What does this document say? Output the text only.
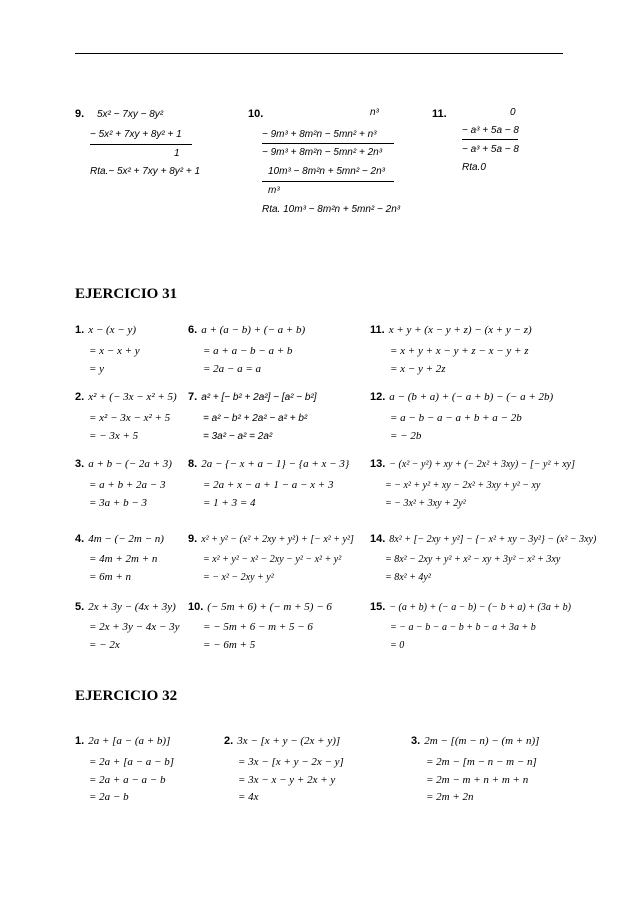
9.	5x² − 7xy − 8y²
− 5x² + 7xy + 8y² + 1
1
Rta.− 5x² + 7xy + 8y² + 1
10.	n³
− 9m³ + 8m²n − 5mn² + n³
− 9m³ + 8m²n − 5mn² + 2n³
10m³ − 8m²n + 5mn² − 2n³
m³
Rta. 10m³ − 8m²n + 5mn² − 2n³
11.	0
− a³ + 5a − 8
− a³ + 5a − 8
Rta.0
EJERCICIO 31
1. x − (x − y)
= x − x + y
= y
6. a + (a − b) + (− a + b)
= a + a − b − a + b
= 2a − a = a
11. x + y + (x − y + z) − (x + y − z)
= x + y + x − y + z − x − y + z
= x − y + 2z
2. x² + (− 3x − x² + 5)
= x² − 3x − x² + 5
= − 3x + 5
7. a² + [− b² + 2a²] − [a² − b²]
= a² − b² + 2a² − a² + b²
= 3a² − a² = 2a²
12. a − (b + a) + (− a + b) − (− a + 2b)
= a − b − a − a + b + a − 2b
= − 2b
3. a + b − (− 2a + 3)
= a + b + 2a − 3
= 3a + b − 3
8. 2a − {− x + a − 1} − {a + x − 3}
= 2a + x − a + 1 − a − x + 3
= 1 + 3 = 4
13. − (x² − y²) + xy + (− 2x² + 3xy) − [− y² + xy]
= − x² + y² + xy − 2x² + 3xy + y² − xy
= − 3x² + 3xy + 2y²
4. 4m − (− 2m − n)
= 4m + 2m + n
= 6m + n
9. x² + y² − (x² + 2xy + y²) + [− x² + y²]
= x² + y² − x² − 2xy − y² − x² + y²
= − x² − 2xy + y²
14. 8x² + [− 2xy + y²] − {− x² + xy − 3y²} − (x² − 3xy)
= 8x² − 2xy + y² + x² − xy + 3y² − x² + 3xy
= 8x² + 4y²
5. 2x + 3y − (4x + 3y)
= 2x + 3y − 4x − 3y
= − 2x
10. (− 5m + 6) + (− m + 5) − 6
= − 5m + 6 − m + 5 − 6
= − 6m + 5
15. − (a + b) + (− a − b) − (− b + a) + (3a + b)
= − a − b − a − b + b − a + 3a + b
= 0
EJERCICIO 32
1. 2a + [a − (a + b)]
= 2a + [a − a − b]
= 2a + a − a − b
= 2a − b
2. 3x − [x + y − (2x + y)]
= 3x − [x + y − 2x − y]
= 3x − x − y + 2x + y
= 4x
3. 2m − [(m − n) − (m + n)]
= 2m − [m − n − m − n]
= 2m − m + n + m + n
= 2m + 2n
